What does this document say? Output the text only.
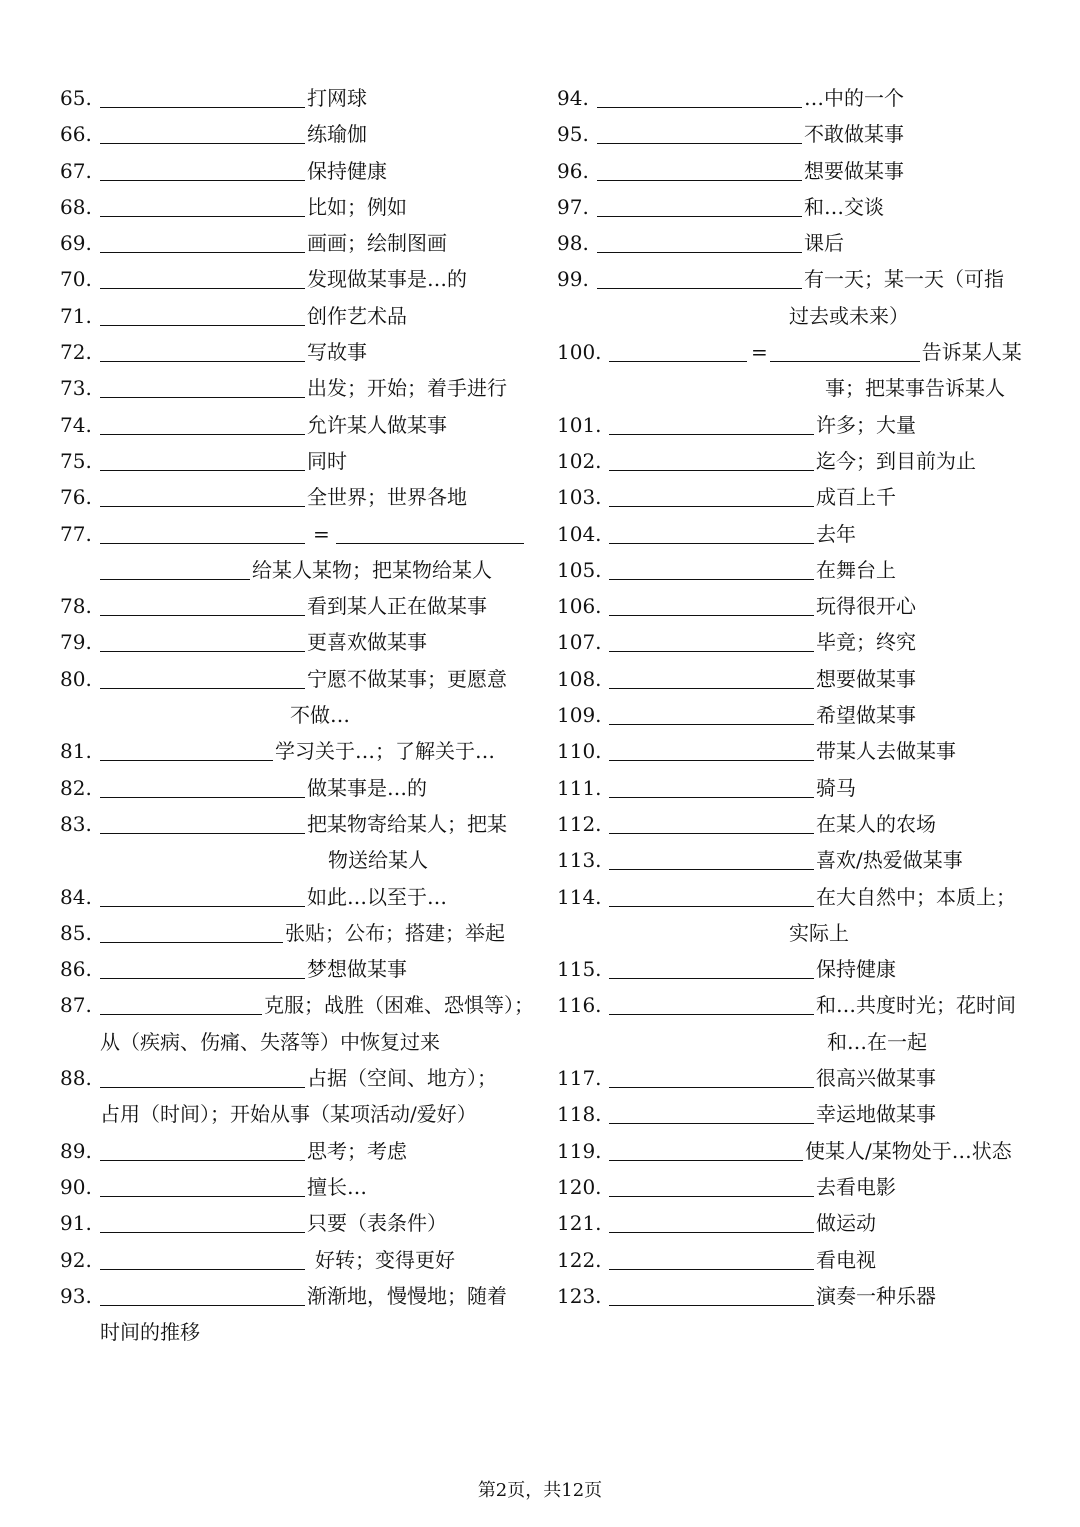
65.	打网球
66.	练瑜伽
67.	保持健康
68.	比如；例如
69.	画画；绘制图画
70.	发现做某事是…的
71.	创作艺术品
72.	写故事
73.	出发；开始；着手进行
74.	允许某人做某事
75.	同时
76.	全世界；世界各地
77.	=
给某人某物；把某物给某人
78.	看到某人正在做某事
79.	更喜欢做某事
80.	宁愿不做某事；更愿意
不做…
81.	学习关于…；了解关于…
82.	做某事是…的
83.	把某物寄给某人；把某
物送给某人
84.	如此…以至于…
85.	张贴；公布；搭建；举起
86.	梦想做某事
87.	克服；战胜（困难、恐惧等）；
从（疾病、伤痛、失落等）中恢复过来
88.	占据（空间、地方）；
占用（时间）；开始从事（某项活动/爱好）
89.	思考；考虑
90.	擅长…
91.	只要（表条件）
92.	好转；变得更好
93.	渐渐地，慢慢地；随着
时间的推移
94.	…中的一个
95.	不敢做某事
96.	想要做某事
97.	和…交谈
98.	课后
99.	有一天；某一天（可指
过去或未来）
100.	=	告诉某人某
事；把某事告诉某人
101.	许多；大量
102.	迄今；到目前为止
103.	成百上千
104.	去年
105.	在舞台上
106.	玩得很开心
107.	毕竟；终究
108.	想要做某事
109.	希望做某事
110.	带某人去做某事
111.	骑马
112.	在某人的农场
113.	喜欢/热爱做某事
114.	在大自然中；本质上；
实际上
115.	保持健康
116.	和…共度时光；花时间
和…在一起
117.	很高兴做某事
118.	幸运地做某事
119.	使某人/某物处于…状态
120.	去看电影
121.	做运动
122.	看电视
123.	演奏一种乐器
第2页，共12页
